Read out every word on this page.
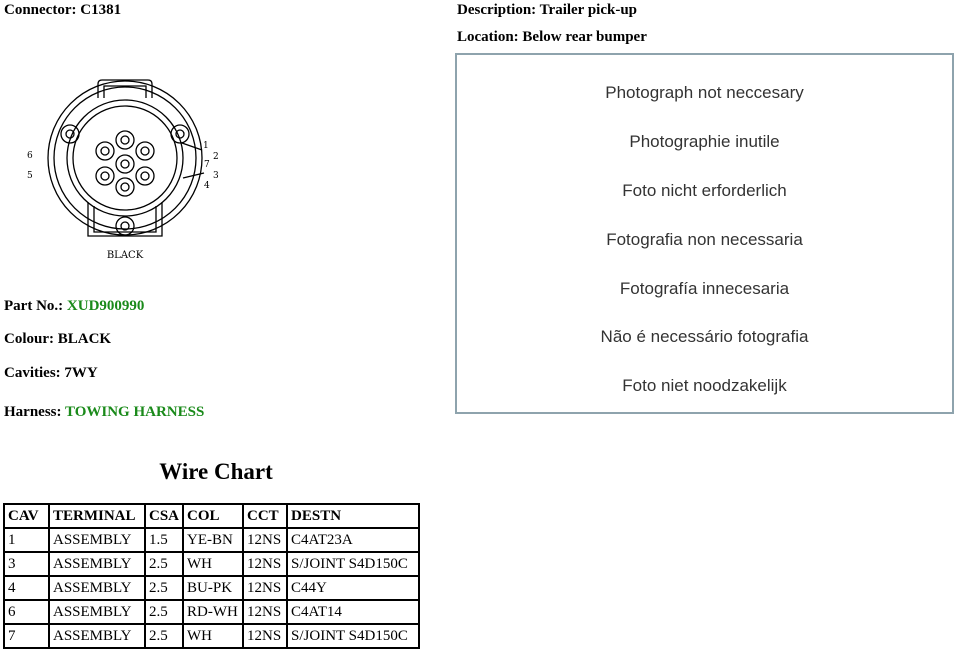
Connector: C1381	Description: Trailer pick-up
Location: Below rear bumper
1
2
7
3
4
6
5
BLACK
Part No.: XUD900990
Colour: BLACK
Cavities: 7WY
Harness: TOWING HARNESS
Photograph not neccesary
Photographie inutile
Foto nicht erforderlich
Fotografia non necessaria
Fotografía innecesaria
Não é necessário fotografia
Foto niet noodzakelijk
Wire Chart
CAV	TERMINAL	CSA	COL	CCT	DESTN
1	ASSEMBLY	1.5	YE-BN	12NS	C4AT23A
3	ASSEMBLY	2.5	WH	12NS	S/JOINT S4D150C
4	ASSEMBLY	2.5	BU-PK	12NS	C44Y
6	ASSEMBLY	2.5	RD-WH	12NS	C4AT14
7	ASSEMBLY	2.5	WH	12NS	S/JOINT S4D150C
